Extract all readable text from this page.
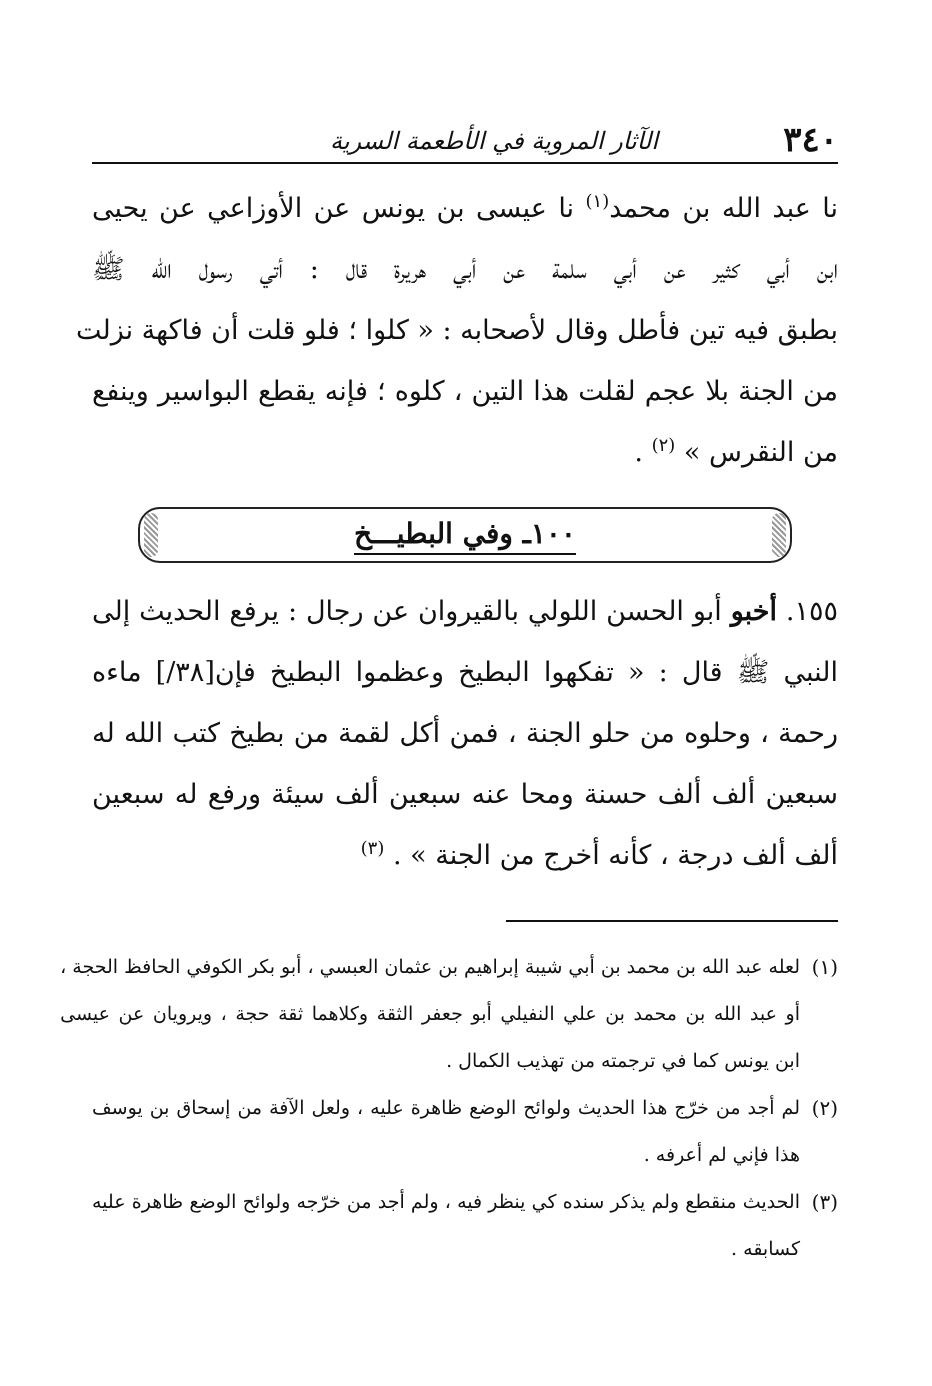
٣٤٠
الآثار المروية في الأطعمة السرية
نا عبد الله بن محمد$^{(١)}$ نا عيسى بن يونس عن الأوزاعي عن يحيى
ابن أبي كثير عن أبي سلمة عن أبي هريرة قال : أتي رسول الله ﷺ
بطبق فيه تين فأطل وقال لأصحابه : « كلوا ؛ فلو قلت أن فاكهة نزلت
من الجنة بلا عجم لقلت هذا التين ، كلوه ؛ فإنه يقطع البواسير وينفع
من النقرس » $^{(٢)}$ .
١٠٠ـ وفي البطيـــخ
١٥٥. أخبو أبو الحسن اللولي بالقيروان عن رجال : يرفع الحديث إلى
النبي ﷺ قال : « تفكهوا البطيخ وعظموا البطيخ فإن[٣٨/] ماءه
رحمة ، وحلوه من حلو الجنة ، فمن أكل لقمة من بطيخ كتب الله له
سبعين ألف ألف حسنة ومحا عنه سبعين ألف سيئة ورفع له سبعين
ألف ألف درجة ، كأنه أخرج من الجنة » . $^{(٣)}$
(١)
لعله عبد الله بن محمد بن أبي شيبة إبراهيم بن عثمان العبسي ، أبو بكر الكوفي الحافظ الحجة ،
أو عبد الله بن محمد بن علي النفيلي أبو جعفر الثقة وكلاهما ثقة حجة ، ويرويان عن عيسى
ابن يونس كما في ترجمته من تهذيب الكمال .
(٢)
لم أجد من خرّج هذا الحديث ولوائح الوضع ظاهرة عليه ، ولعل الآفة من إسحاق بن يوسف
هذا فإني لم أعرفه .
(٣)
الحديث منقطع ولم يذكر سنده كي ينظر فيه ، ولم أجد من خرّجه ولوائح الوضع ظاهرة عليه
كسابقه .
